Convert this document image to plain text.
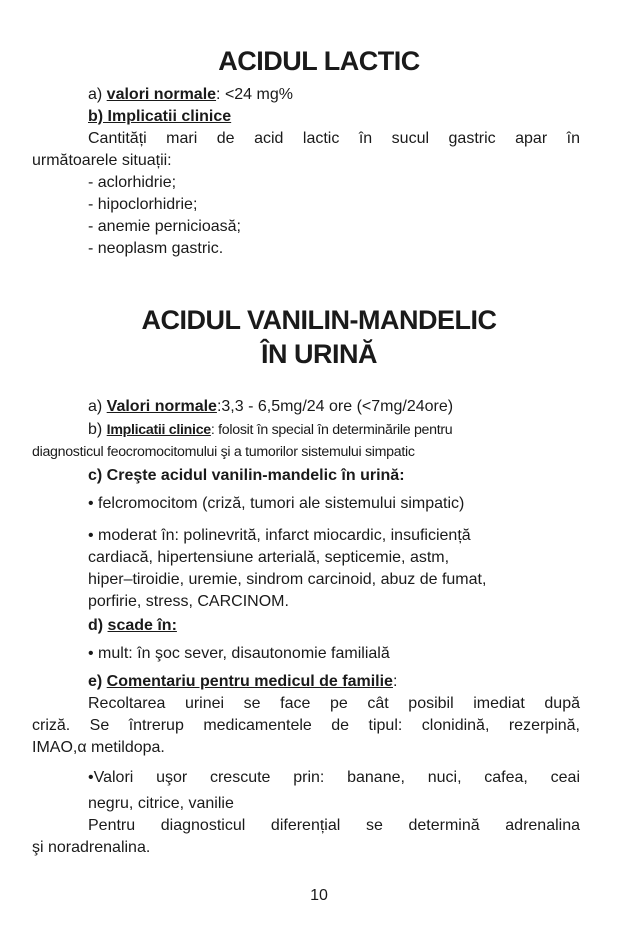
ACIDUL LACTIC
a) valori normale: <24 mg%
b) Implicatii clinice
Cantități mari de acid lactic în sucul gastric apar în
următoarele situații:
- aclorhidrie;
- hipoclorhidrie;
- anemie pernicioasă;
- neoplasm gastric.
ACIDUL VANILIN-MANDELIC
ÎN URINĂ
a) Valori normale:3,3 - 6,5mg/24 ore (<7mg/24ore)
b) Implicatii clinice: folosit în special în determinările pentru
diagnosticul feocromocitomului şi a tumorilor sistemului simpatic
c) Creşte acidul vanilin-mandelic în urină:
• felcromocitom (criză, tumori ale sistemului simpatic)
• moderat în: polinevrită, infarct miocardic, insuficiență
cardiacă, hipertensiune arterială, septicemie, astm,
hiper–tiroidie, uremie, sindrom carcinoid, abuz de fumat,
porfirie, stress, CARCINOM.
d) scade în:
• mult: în şoc sever, disautonomie familială
e) Comentariu pentru medicul de familie:
Recoltarea urinei se face pe cât posibil imediat după
criză. Se întrerup medicamentele de tipul: clonidină, rezerpină,
IMAO,α metildopa.
•Valori uşor crescute prin: banane, nuci, cafea, ceai
negru, citrice, vanilie
Pentru diagnosticul diferențial se determină adrenalina
şi noradrenalina.
10
